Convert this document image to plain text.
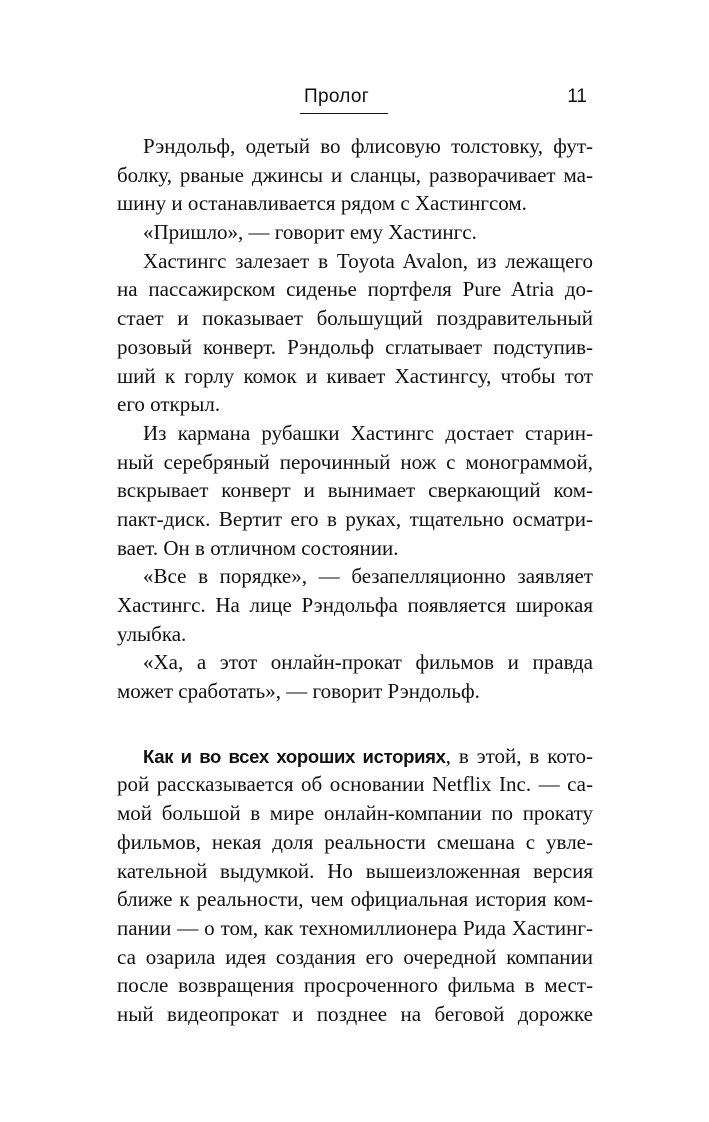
Пролог	11
Рэндольф, одетый во флисовую толстовку, фут-
болку, рваные джинсы и сланцы, разворачивает ма-
шину и останавливается рядом с Хастингсом.
«Пришло», — говорит ему Хастингс.
Хастингс залезает в Toyota Avalon, из лежащего
на пассажирском сиденье портфеля Pure Atria до-
стает и показывает большущий поздравительный
розовый конверт. Рэндольф сглатывает подступив-
ший к горлу комок и кивает Хастингсу, чтобы тот
его открыл.
Из кармана рубашки Хастингс достает старин-
ный серебряный перочинный нож с монограммой,
вскрывает конверт и вынимает сверкающий ком-
пакт-диск. Вертит его в руках, тщательно осматри-
вает. Он в отличном состоянии.
«Все в порядке», — безапелляционно заявляет
Хастингс. На лице Рэндольфа появляется широкая
улыбка.
«Ха, а этот онлайн-прокат фильмов и правда
может сработать», — говорит Рэндольф.
Как и во всех хороших историях, в этой, в кото-
рой рассказывается об основании Netflix Inc. — са-
мой большой в мире онлайн-компании по прокату
фильмов, некая доля реальности смешана с увле-
кательной выдумкой. Но вышеизложенная версия
ближе к реальности, чем официальная история ком-
пании — о том, как техномиллионера Рида Хастинг-
са озарила идея создания его очередной компании
после возвращения просроченного фильма в мест-
ный видеопрокат и позднее на беговой дорожке
